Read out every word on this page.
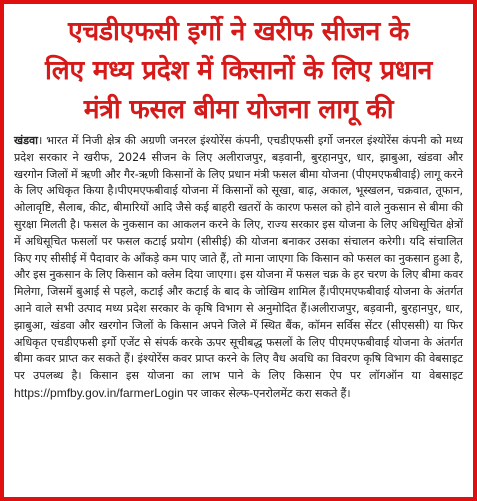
एचडीएफसी इर्गो ने खरीफ सीजन के
लिए मध्य प्रदेश में किसानों के लिए प्रधान
मंत्री फसल बीमा योजना लागू की
खंडवा। भारत में निजी क्षेत्र की अग्रणी जनरल इंश्योरेंस कंपनी, एचडीएफसी इर्गो जनरल इंश्योरेंस कंपनी को मध्य प्रदेश सरकार ने खरीफ, 2024 सीजन के लिए अलीराजपुर, बड़वानी, बुरहानपुर, धार, झाबुआ, खंडवा और खरगोन जिलों में ऋणी और गैर-ऋणी किसानों के लिए प्रधान मंत्री फसल बीमा योजना (पीएमएफबीवाई) लागू करने के लिए अधिकृत किया है।पीएमएफबीवाई योजना में किसानों को सूखा, बाढ़, अकाल, भूस्खलन, चक्रवात, तूफान, ओलावृष्टि, सैलाब, कीट, बीमारियों आदि जैसे कई बाहरी खतरों के कारण फसल को होने वाले नुकसान से बीमा की सुरक्षा मिलती है। फसल के नुकसान का आकलन करने के लिए, राज्य सरकार इस योजना के लिए अधिसूचित क्षेत्रों में अधिसूचित फसलों पर फसल कटाई प्रयोग (सीसीई) की योजना बनाकर उसका संचालन करेगी। यदि संचालित किए गए सीसीई में पैदावार के आँकड़े कम पाए जाते हैं, तो माना जाएगा कि किसान को फसल का नुकसान हुआ है, और इस नुकसान के लिए किसान को क्लेम दिया जाएगा। इस योजना में फसल चक्र के हर चरण के लिए बीमा कवर मिलेगा, जिसमें बुआई से पहले, कटाई और कटाई के बाद के जोखिम शामिल हैं।पीएमएफबीवाई योजना के अंतर्गत आने वाले सभी उत्पाद मध्य प्रदेश सरकार के कृषि विभाग से अनुमोदित हैं।अलीराजपुर, बड़वानी, बुरहानपुर, धार, झाबुआ, खंडवा और खरगोन जिलों के किसान अपने जिले में स्थित बैंक, कॉमन सर्विस सेंटर (सीएससी) या फिर अधिकृत एचडीएफसी इर्गो एजेंट से संपर्क करके ऊपर सूचीबद्ध फसलों के लिए पीएमएफबीवाई योजना के अंतर्गत बीमा कवर प्राप्त कर सकते हैं। इंश्योरेंस कवर प्राप्त करने के लिए वैध अवधि का विवरण कृषि विभाग की वेबसाइट पर उपलब्ध है। किसान इस योजना का लाभ पाने के लिए किसान ऐप पर लॉगऑन या वेबसाइट https://pmfby.gov.in/farmerLogin पर जाकर सेल्फ-एनरोलमेंट करा सकते हैं।
